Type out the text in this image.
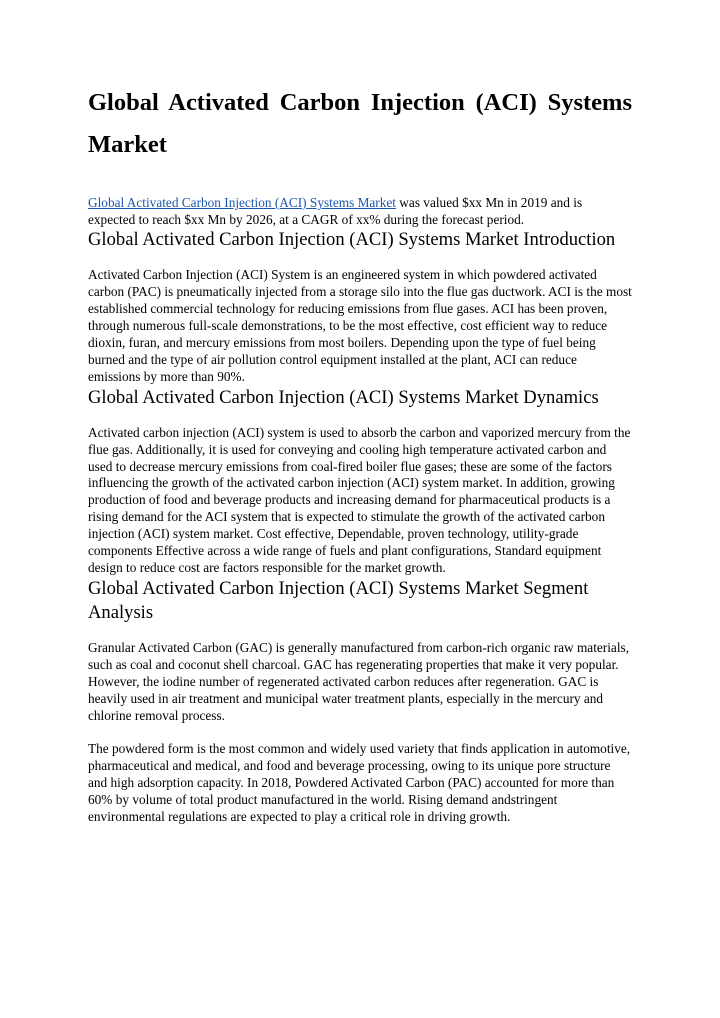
Global Activated Carbon Injection (ACI) Systems Market

Global Activated Carbon Injection (ACI) Systems Market was valued $xx Mn in 2019 and is expected to reach $xx Mn by 2026, at a CAGR of xx% during the forecast period.

Global Activated Carbon Injection (ACI) Systems Market Introduction

Activated Carbon Injection (ACI) System is an engineered system in which powdered activated carbon (PAC) is pneumatically injected from a storage silo into the flue gas ductwork. ACI is the most established commercial technology for reducing emissions from flue gases. ACI has been proven, through numerous full-scale demonstrations, to be the most effective, cost efficient way to reduce dioxin, furan, and mercury emissions from most boilers. Depending upon the type of fuel being burned and the type of air pollution control equipment installed at the plant, ACI can reduce emissions by more than 90%.

Global Activated Carbon Injection (ACI) Systems Market Dynamics

Activated carbon injection (ACI) system is used to absorb the carbon and vaporized mercury from the flue gas. Additionally, it is used for conveying and cooling high temperature activated carbon and used to decrease mercury emissions from coal-fired boiler flue gases; these are some of the factors influencing the growth of the activated carbon injection (ACI) system market. In addition, growing production of food and beverage products and increasing demand for pharmaceutical products is a rising demand for the ACI system that is expected to stimulate the growth of the activated carbon injection (ACI) system market. Cost effective, Dependable, proven technology, utility-grade components Effective across a wide range of fuels and plant configurations, Standard equipment design to reduce cost are factors responsible for the market growth.

Global Activated Carbon Injection (ACI) Systems Market Segment Analysis

Granular Activated Carbon (GAC) is generally manufactured from carbon-rich organic raw materials, such as coal and coconut shell charcoal. GAC has regenerating properties that make it very popular. However, the iodine number of regenerated activated carbon reduces after regeneration. GAC is heavily used in air treatment and municipal water treatment plants, especially in the mercury and chlorine removal process.

The powdered form is the most common and widely used variety that finds application in automotive, pharmaceutical and medical, and food and beverage processing, owing to its unique pore structure and high adsorption capacity. In 2018, Powdered Activated Carbon (PAC) accounted for more than 60% by volume of total product manufactured in the world. Rising demand andstringent environmental regulations are expected to play a critical role in driving growth.
